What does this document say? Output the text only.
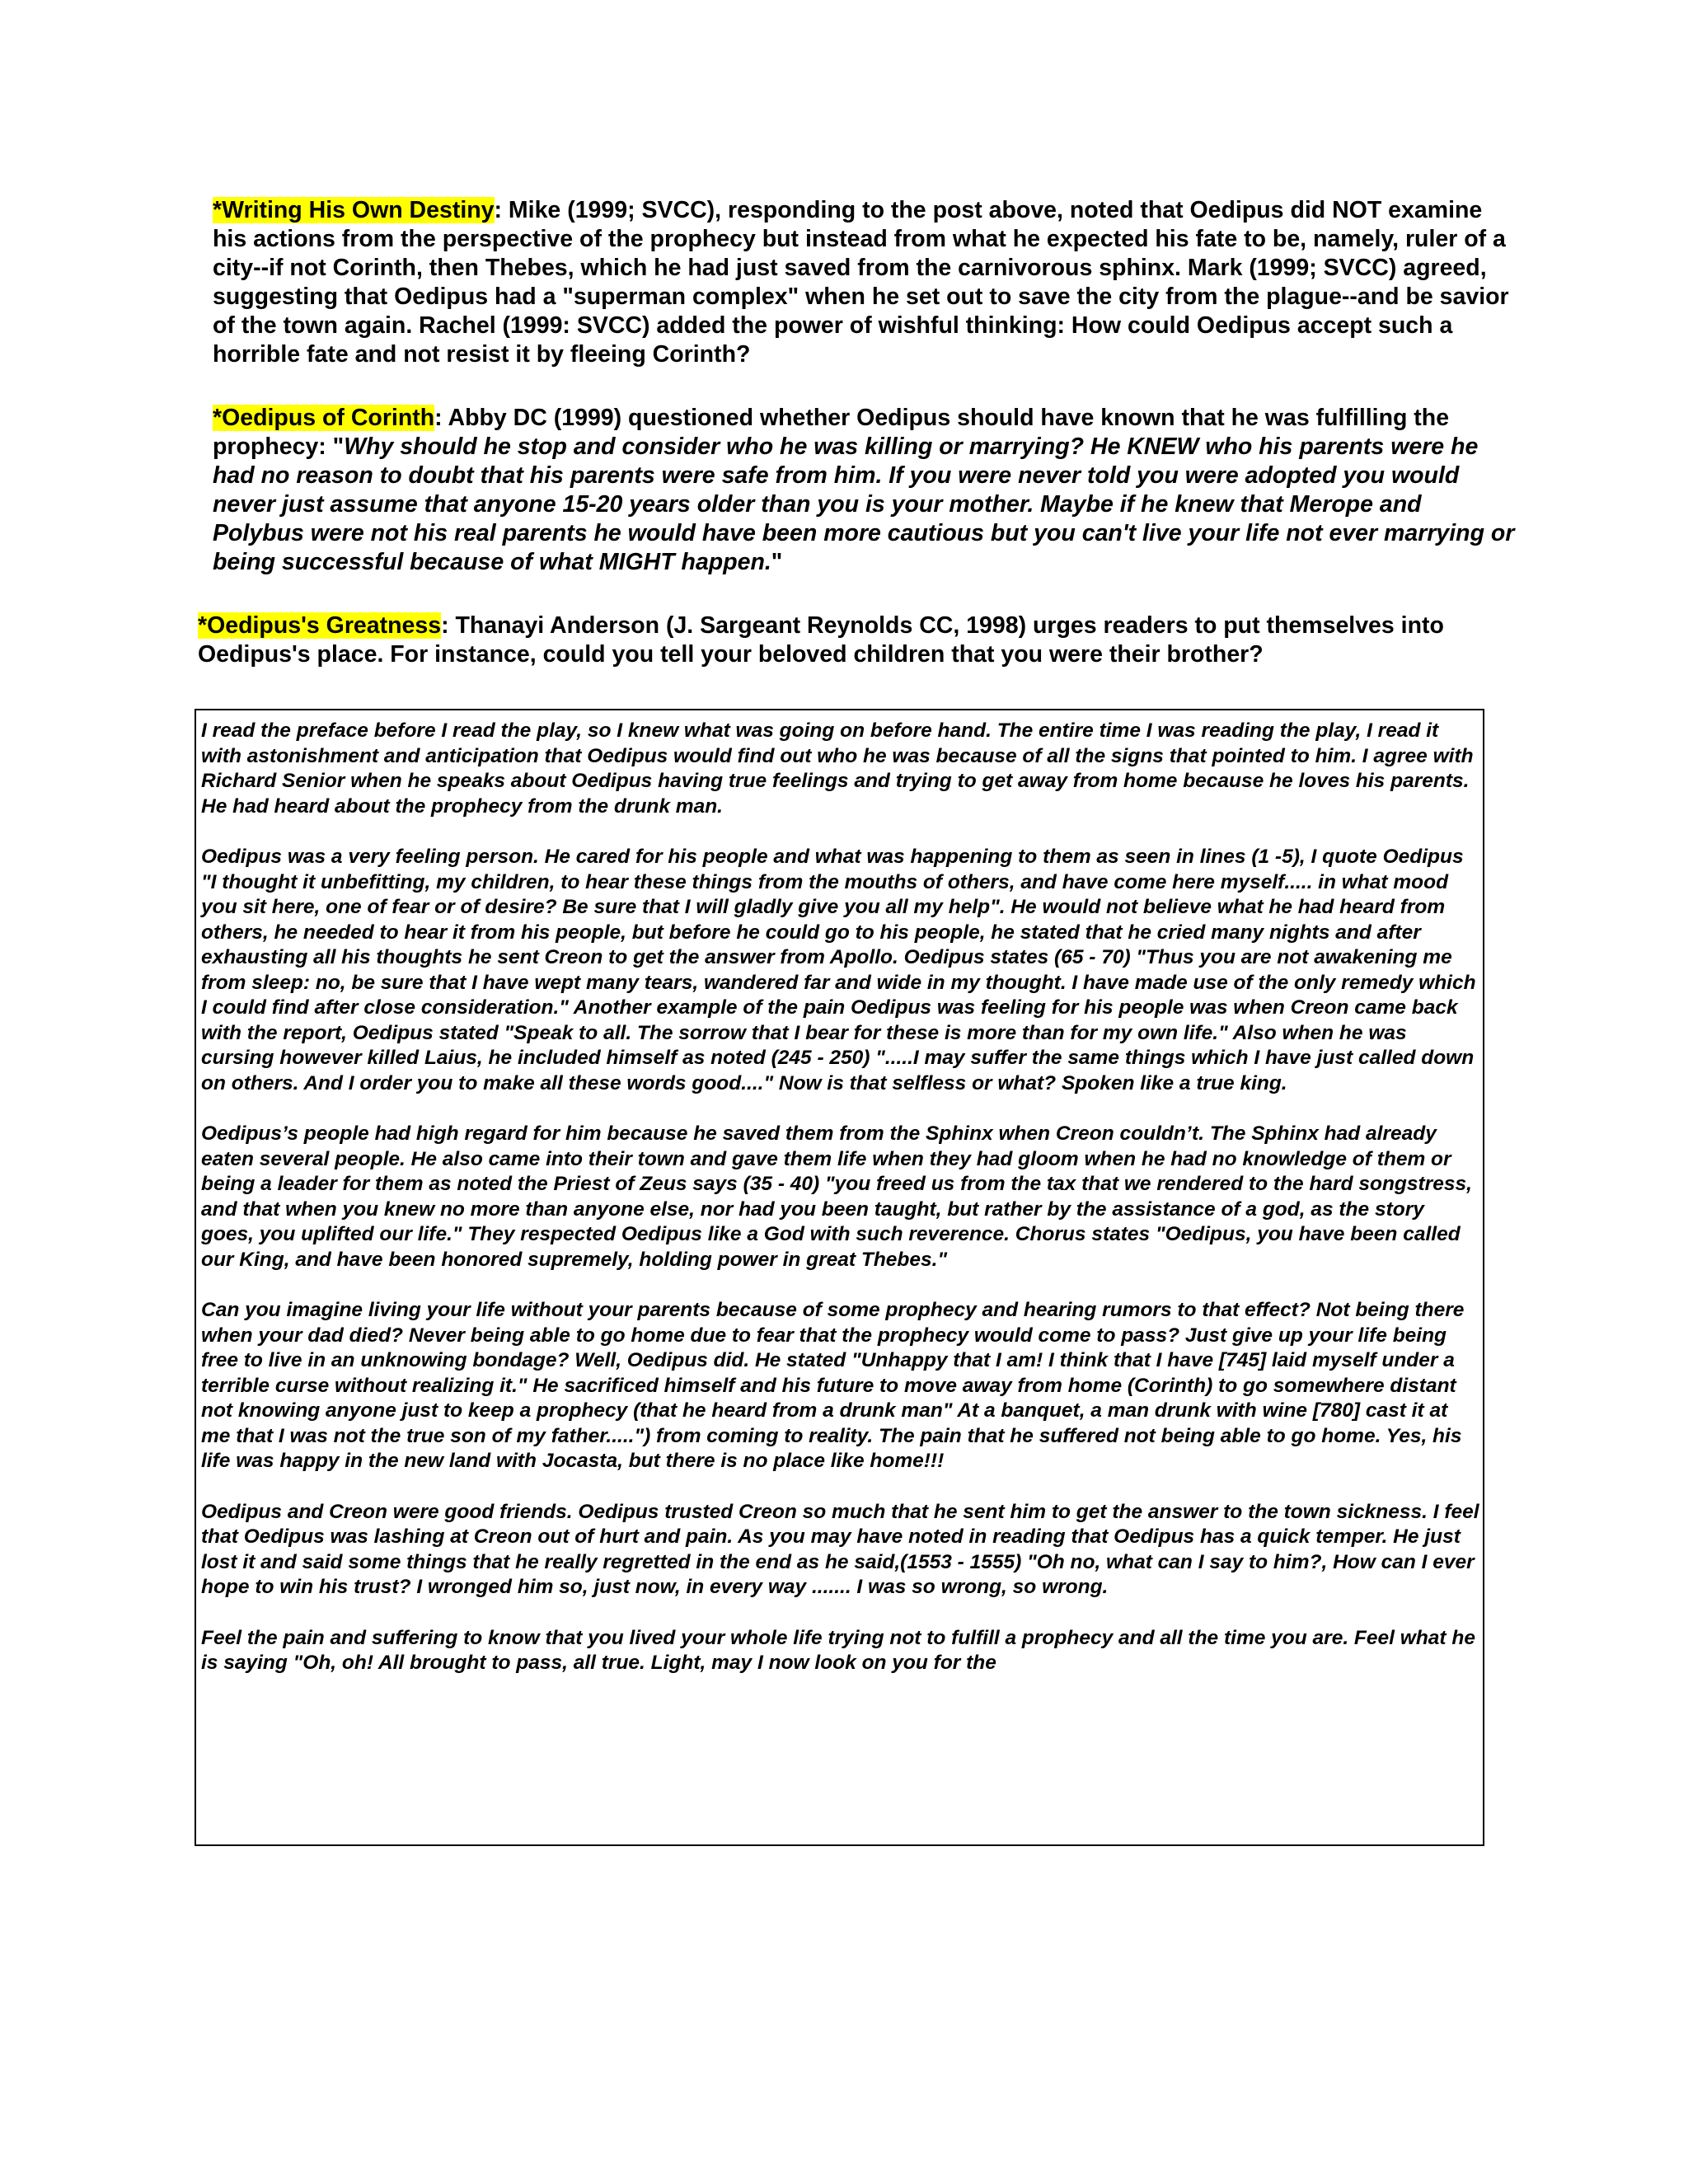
*Writing His Own Destiny: Mike (1999; SVCC), responding to the post above, noted that Oedipus did NOT examine his actions from the perspective of the prophecy but instead from what he expected his fate to be, namely, ruler of a city--if not Corinth, then Thebes, which he had just saved from the carnivorous sphinx. Mark (1999; SVCC) agreed, suggesting that Oedipus had a "superman complex" when he set out to save the city from the plague--and be savior of the town again. Rachel (1999: SVCC) added the power of wishful thinking: How could Oedipus accept such a horrible fate and not resist it by fleeing Corinth?
*Oedipus of Corinth: Abby DC (1999) questioned whether Oedipus should have known that he was fulfilling the prophecy: "Why should he stop and consider who he was killing or marrying? He KNEW who his parents were he had no reason to doubt that his parents were safe from him. If you were never told you were adopted you would never just assume that anyone 15-20 years older than you is your mother. Maybe if he knew that Merope and Polybus were not his real parents he would have been more cautious but you can't live your life not ever marrying or being successful because of what MIGHT happen."
*Oedipus's Greatness: Thanayi Anderson (J. Sargeant Reynolds CC, 1998) urges readers to put themselves into Oedipus's place. For instance, could you tell your beloved children that you were their brother?

I read the preface before I read the play, so I knew what was going on before hand. The entire time I was reading the play, I read it with astonishment and anticipation that Oedipus would find out who he was because of all the signs that pointed to him. I agree with Richard Senior when he speaks about Oedipus having true feelings and trying to get away from home because he loves his parents. He had heard about the prophecy from the drunk man.

Oedipus was a very feeling person. He cared for his people and what was happening to them as seen in lines (1 -5), I quote Oedipus "I thought it unbefitting, my children, to hear these things from the mouths of others, and have come here myself..... in what mood you sit here, one of fear or of desire? Be sure that I will gladly give you all my help". He would not believe what he had heard from others, he needed to hear it from his people, but before he could go to his people, he stated that he cried many nights and after exhausting all his thoughts he sent Creon to get the answer from Apollo. Oedipus states (65 - 70) "Thus you are not awakening me from sleep: no, be sure that I have wept many tears, wandered far and wide in my thought. I have made use of the only remedy which I could find after close consideration." Another example of the pain Oedipus was feeling for his people was when Creon came back with the report, Oedipus stated "Speak to all. The sorrow that I bear for these is more than for my own life." Also when he was cursing however killed Laius, he included himself as noted (245 - 250) ".....I may suffer the same things which I have just called down on others. And I order you to make all these words good...." Now is that selfless or what? Spoken like a true king.

Oedipus’s people had high regard for him because he saved them from the Sphinx when Creon couldn’t. The Sphinx had already eaten several people. He also came into their town and gave them life when they had gloom when he had no knowledge of them or being a leader for them as noted the Priest of Zeus says (35 - 40) "you freed us from the tax that we rendered to the hard songstress, and that when you knew no more than anyone else, nor had you been taught, but rather by the assistance of a god, as the story goes, you uplifted our life." They respected Oedipus like a God with such reverence. Chorus states "Oedipus, you have been called our King, and have been honored supremely, holding power in great Thebes."

Can you imagine living your life without your parents because of some prophecy and hearing rumors to that effect? Not being there when your dad died? Never being able to go home due to fear that the prophecy would come to pass? Just give up your life being free to live in an unknowing bondage? Well, Oedipus did. He stated "Unhappy that I am! I think that I have [745] laid myself under a terrible curse without realizing it." He sacrificed himself and his future to move away from home (Corinth) to go somewhere distant not knowing anyone just to keep a prophecy (that he heard from a drunk man" At a banquet, a man drunk with wine [780] cast it at me that I was not the true son of my father.....") from coming to reality. The pain that he suffered not being able to go home. Yes, his life was happy in the new land with Jocasta, but there is no place like home!!!

Oedipus and Creon were good friends. Oedipus trusted Creon so much that he sent him to get the answer to the town sickness. I feel that Oedipus was lashing at Creon out of hurt and pain. As you may have noted in reading that Oedipus has a quick temper. He just lost it and said some things that he really regretted in the end as he said,(1553 - 1555) "Oh no, what can I say to him?, How can I ever hope to win his trust? I wronged him so, just now, in every way ....... I was so wrong, so wrong.

Feel the pain and suffering to know that you lived your whole life trying not to fulfill a prophecy and all the time you are. Feel what he is saying "Oh, oh! All brought to pass, all true. Light, may I now look on you for the
